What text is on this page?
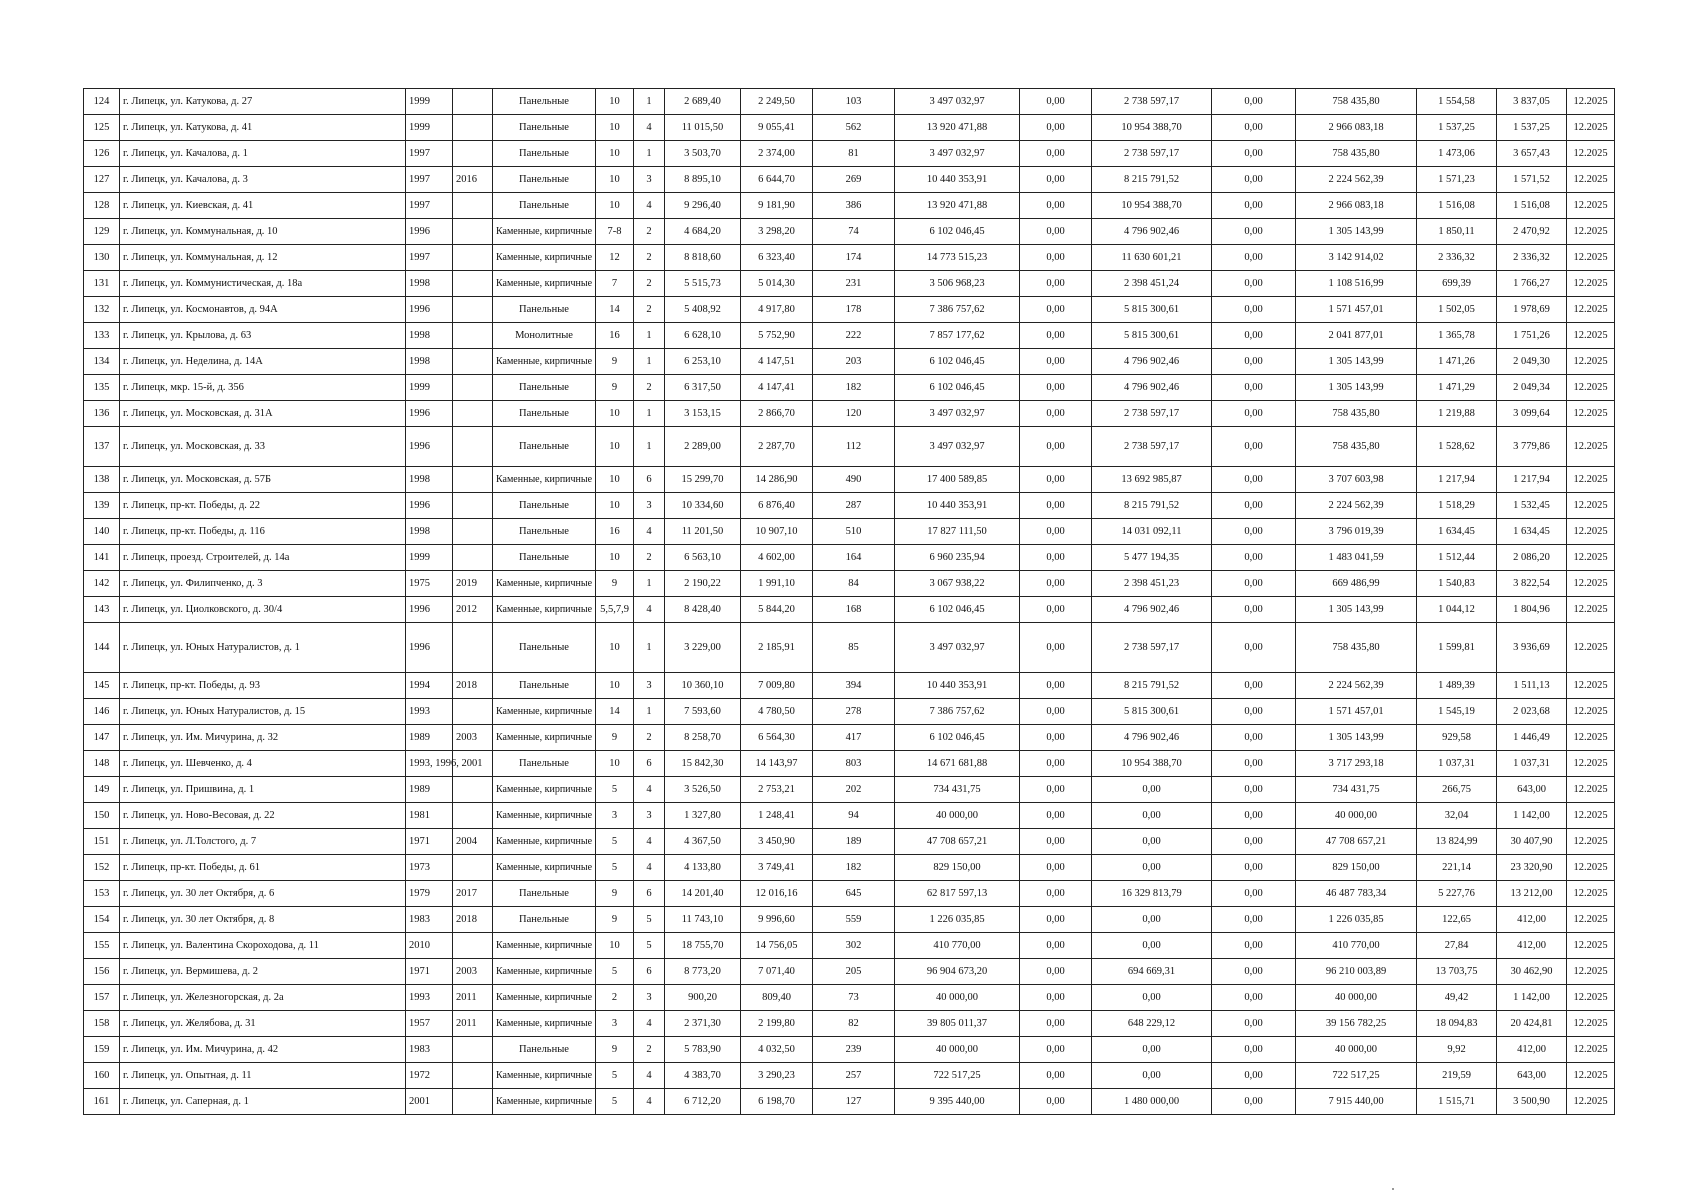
124	г. Липецк, ул. Катукова, д. 27	1999		Панельные	10	1	2 689,40	2 249,50	103	3 497 032,97	0,00	2 738 597,17	0,00	758 435,80	1 554,58	3 837,05	12.2025
125	г. Липецк, ул. Катукова, д. 41	1999		Панельные	10	4	11 015,50	9 055,41	562	13 920 471,88	0,00	10 954 388,70	0,00	2 966 083,18	1 537,25	1 537,25	12.2025
126	г. Липецк, ул. Качалова, д. 1	1997		Панельные	10	1	3 503,70	2 374,00	81	3 497 032,97	0,00	2 738 597,17	0,00	758 435,80	1 473,06	3 657,43	12.2025
127	г. Липецк, ул. Качалова, д. 3	1997	2016	Панельные	10	3	8 895,10	6 644,70	269	10 440 353,91	0,00	8 215 791,52	0,00	2 224 562,39	1 571,23	1 571,52	12.2025
128	г. Липецк, ул. Киевская, д. 41	1997		Панельные	10	4	9 296,40	9 181,90	386	13 920 471,88	0,00	10 954 388,70	0,00	2 966 083,18	1 516,08	1 516,08	12.2025
129	г. Липецк, ул. Коммунальная, д. 10	1996		Каменные, кирпичные	7-8	2	4 684,20	3 298,20	74	6 102 046,45	0,00	4 796 902,46	0,00	1 305 143,99	1 850,11	2 470,92	12.2025
130	г. Липецк, ул. Коммунальная, д. 12	1997		Каменные, кирпичные	12	2	8 818,60	6 323,40	174	14 773 515,23	0,00	11 630 601,21	0,00	3 142 914,02	2 336,32	2 336,32	12.2025
131	г. Липецк, ул. Коммунистическая, д. 18а	1998		Каменные, кирпичные	7	2	5 515,73	5 014,30	231	3 506 968,23	0,00	2 398 451,24	0,00	1 108 516,99	699,39	1 766,27	12.2025
132	г. Липецк, ул. Космонавтов, д. 94А	1996		Панельные	14	2	5 408,92	4 917,80	178	7 386 757,62	0,00	5 815 300,61	0,00	1 571 457,01	1 502,05	1 978,69	12.2025
133	г. Липецк, ул. Крылова, д. 63	1998		Монолитные	16	1	6 628,10	5 752,90	222	7 857 177,62	0,00	5 815 300,61	0,00	2 041 877,01	1 365,78	1 751,26	12.2025
134	г. Липецк, ул. Неделина, д. 14А	1998		Каменные, кирпичные	9	1	6 253,10	4 147,51	203	6 102 046,45	0,00	4 796 902,46	0,00	1 305 143,99	1 471,26	2 049,30	12.2025
135	г. Липецк, мкр. 15-й, д. 356	1999		Панельные	9	2	6 317,50	4 147,41	182	6 102 046,45	0,00	4 796 902,46	0,00	1 305 143,99	1 471,29	2 049,34	12.2025
136	г. Липецк, ул. Московская, д. 31А	1996		Панельные	10	1	3 153,15	2 866,70	120	3 497 032,97	0,00	2 738 597,17	0,00	758 435,80	1 219,88	3 099,64	12.2025
137	г. Липецк, ул. Московская, д. 33	1996		Панельные	10	1	2 289,00	2 287,70	112	3 497 032,97	0,00	2 738 597,17	0,00	758 435,80	1 528,62	3 779,86	12.2025
138	г. Липецк, ул. Московская, д. 57Б	1998		Каменные, кирпичные	10	6	15 299,70	14 286,90	490	17 400 589,85	0,00	13 692 985,87	0,00	3 707 603,98	1 217,94	1 217,94	12.2025
139	г. Липецк, пр-кт. Победы, д. 22	1996		Панельные	10	3	10 334,60	6 876,40	287	10 440 353,91	0,00	8 215 791,52	0,00	2 224 562,39	1 518,29	1 532,45	12.2025
140	г. Липецк, пр-кт. Победы, д. 116	1998		Панельные	16	4	11 201,50	10 907,10	510	17 827 111,50	0,00	14 031 092,11	0,00	3 796 019,39	1 634,45	1 634,45	12.2025
141	г. Липецк, проезд. Строителей, д. 14а	1999		Панельные	10	2	6 563,10	4 602,00	164	6 960 235,94	0,00	5 477 194,35	0,00	1 483 041,59	1 512,44	2 086,20	12.2025
142	г. Липецк, ул. Филипченко, д. 3	1975	2019	Каменные, кирпичные	9	1	2 190,22	1 991,10	84	3 067 938,22	0,00	2 398 451,23	0,00	669 486,99	1 540,83	3 822,54	12.2025
143	г. Липецк, ул. Циолковского, д. 30/4	1996	2012	Каменные, кирпичные	5,5,7,9	4	8 428,40	5 844,20	168	6 102 046,45	0,00	4 796 902,46	0,00	1 305 143,99	1 044,12	1 804,96	12.2025
144	г. Липецк, ул. Юных Натуралистов, д. 1	1996		Панельные	10	1	3 229,00	2 185,91	85	3 497 032,97	0,00	2 738 597,17	0,00	758 435,80	1 599,81	3 936,69	12.2025
145	г. Липецк, пр-кт. Победы, д. 93	1994	2018	Панельные	10	3	10 360,10	7 009,80	394	10 440 353,91	0,00	8 215 791,52	0,00	2 224 562,39	1 489,39	1 511,13	12.2025
146	г. Липецк, ул. Юных Натуралистов, д. 15	1993		Каменные, кирпичные	14	1	7 593,60	4 780,50	278	7 386 757,62	0,00	5 815 300,61	0,00	1 571 457,01	1 545,19	2 023,68	12.2025
147	г. Липецк, ул. Им. Мичурина, д. 32	1989	2003	Каменные, кирпичные	9	2	8 258,70	6 564,30	417	6 102 046,45	0,00	4 796 902,46	0,00	1 305 143,99	929,58	1 446,49	12.2025
148	г. Липецк, ул. Шевченко, д. 4	1993, 1996, 2001		Панельные	10	6	15 842,30	14 143,97	803	14 671 681,88	0,00	10 954 388,70	0,00	3 717 293,18	1 037,31	1 037,31	12.2025
149	г. Липецк, ул. Пришвина, д. 1	1989		Каменные, кирпичные	5	4	3 526,50	2 753,21	202	734 431,75	0,00	0,00	0,00	734 431,75	266,75	643,00	12.2025
150	г. Липецк, ул. Ново-Весовая, д. 22	1981		Каменные, кирпичные	3	3	1 327,80	1 248,41	94	40 000,00	0,00	0,00	0,00	40 000,00	32,04	1 142,00	12.2025
151	г. Липецк, ул. Л.Толстого, д. 7	1971	2004	Каменные, кирпичные	5	4	4 367,50	3 450,90	189	47 708 657,21	0,00	0,00	0,00	47 708 657,21	13 824,99	30 407,90	12.2025
152	г. Липецк, пр-кт. Победы, д. 61	1973		Каменные, кирпичные	5	4	4 133,80	3 749,41	182	829 150,00	0,00	0,00	0,00	829 150,00	221,14	23 320,90	12.2025
153	г. Липецк, ул. 30 лет Октября, д. 6	1979	2017	Панельные	9	6	14 201,40	12 016,16	645	62 817 597,13	0,00	16 329 813,79	0,00	46 487 783,34	5 227,76	13 212,00	12.2025
154	г. Липецк, ул. 30 лет Октября, д. 8	1983	2018	Панельные	9	5	11 743,10	9 996,60	559	1 226 035,85	0,00	0,00	0,00	1 226 035,85	122,65	412,00	12.2025
155	г. Липецк, ул. Валентина Скороходова, д. 11	2010		Каменные, кирпичные	10	5	18 755,70	14 756,05	302	410 770,00	0,00	0,00	0,00	410 770,00	27,84	412,00	12.2025
156	г. Липецк, ул. Вермишева, д. 2	1971	2003	Каменные, кирпичные	5	6	8 773,20	7 071,40	205	96 904 673,20	0,00	694 669,31	0,00	96 210 003,89	13 703,75	30 462,90	12.2025
157	г. Липецк, ул. Железногорская, д. 2а	1993	2011	Каменные, кирпичные	2	3	900,20	809,40	73	40 000,00	0,00	0,00	0,00	40 000,00	49,42	1 142,00	12.2025
158	г. Липецк, ул. Желябова, д. 31	1957	2011	Каменные, кирпичные	3	4	2 371,30	2 199,80	82	39 805 011,37	0,00	648 229,12	0,00	39 156 782,25	18 094,83	20 424,81	12.2025
159	г. Липецк, ул. Им. Мичурина, д. 42	1983		Панельные	9	2	5 783,90	4 032,50	239	40 000,00	0,00	0,00	0,00	40 000,00	9,92	412,00	12.2025
160	г. Липецк, ул. Опытная, д. 11	1972		Каменные, кирпичные	5	4	4 383,70	3 290,23	257	722 517,25	0,00	0,00	0,00	722 517,25	219,59	643,00	12.2025
161	г. Липецк, ул. Саперная, д. 1	2001		Каменные, кирпичные	5	4	6 712,20	6 198,70	127	9 395 440,00	0,00	1 480 000,00	0,00	7 915 440,00	1 515,71	3 500,90	12.2025
